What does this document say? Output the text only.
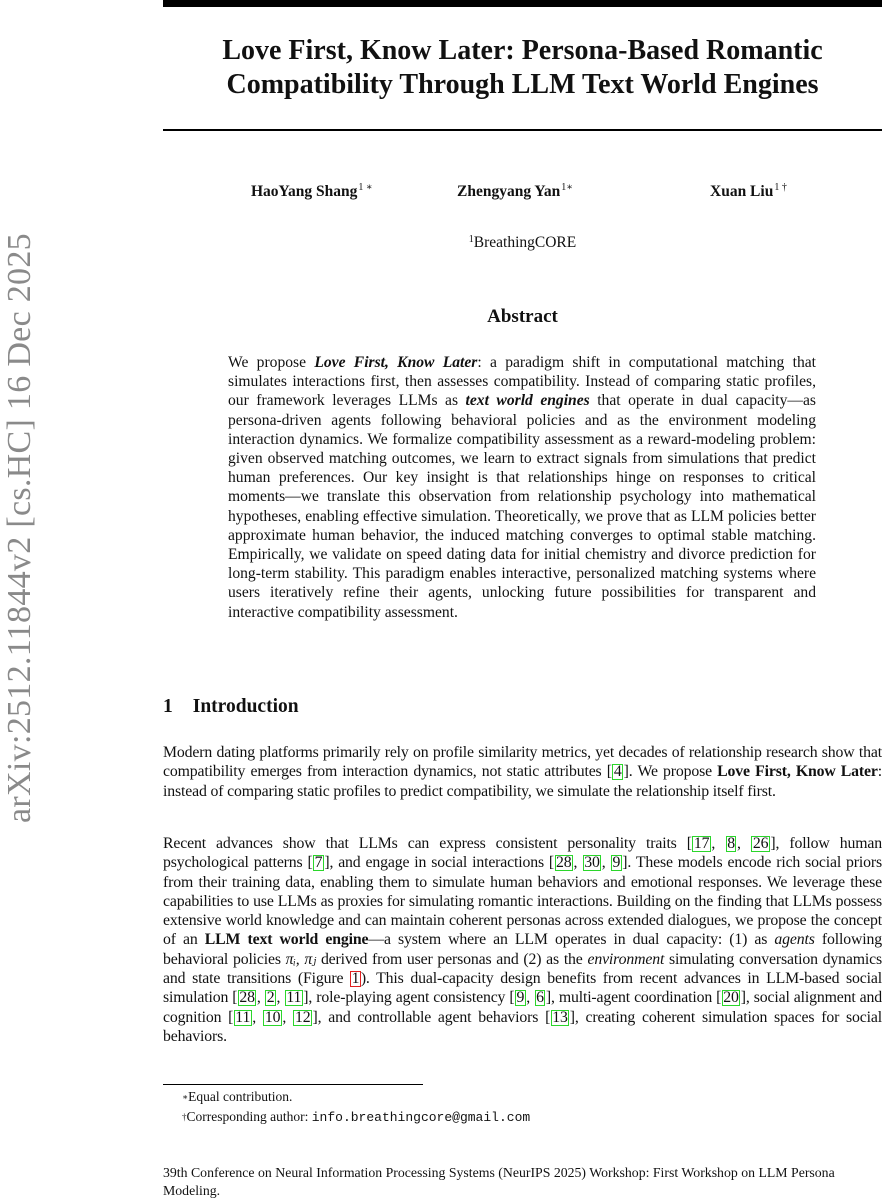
arXiv:2512.11844v2 [cs.HC] 16 Dec 2025
Love First, Know Later: Persona-Based Romantic
Compatibility Through LLM Text World Engines
HaoYang Shang$^{1 ∗}$	Zhengyang Yan$^{1∗}$	Xuan Liu$^{1 \dagger}$
$^1$BreathingCORE
Abstract
We propose Love First, Know Later: a paradigm shift in computational matching that simulates interactions first, then assesses compatibility. Instead of comparing static profiles, our framework leverages LLMs as text world engines that operate in dual capacity—as persona-driven agents following behavioral policies and as the environment modeling interaction dynamics. We formalize compatibility assessment as a reward-modeling problem: given observed matching outcomes, we learn to extract signals from simulations that predict human preferences. Our key insight is that relationships hinge on responses to critical moments—we translate this observation from relationship psychology into mathematical hypotheses, enabling effective simulation. Theoretically, we prove that as LLM policies better approximate human behavior, the induced matching converges to optimal stable matching. Empirically, we validate on speed dating data for initial chemistry and divorce prediction for long-term stability. This paradigm enables interactive, personalized matching systems where users iteratively refine their agents, unlocking future possibilities for transparent and interactive compatibility assessment.
1 Introduction
Modern dating platforms primarily rely on profile similarity metrics, yet decades of relationship research show that compatibility emerges from interaction dynamics, not static attributes [ 4 ]. We propose Love First, Know Later: instead of comparing static profiles to predict compatibility, we simulate the relationship itself first.
Recent advances show that LLMs can express consistent personality traits [ 17 , 8 , 26 ], follow human psychological patterns [ 7 ], and engage in social interactions [ 28 , 30 , 9 ]. These models encode rich social priors from their training data, enabling them to simulate human behaviors and emotional responses. We leverage these capabilities to use LLMs as proxies for simulating romantic interactions. Building on the finding that LLMs possess extensive world knowledge and can maintain coherent personas across extended dialogues, we propose the concept of an LLM text world engine—a system where an LLM operates in dual capacity: (1) as agents following behavioral policies πᵢ, πⱼ derived from user personas and (2) as the environment simulating conversation dynamics and state transitions (Figure 1). This dual-capacity design benefits from recent advances in LLM-based social simulation [ 28 , 2 , 11 ], role-playing agent consistency [ 9 , 6 ], multi-agent coordination [ 20 ], social alignment and cognition [ 11 , 10 , 12 ], and controllable agent behaviors [ 13 ], creating coherent simulation spaces for social behaviors.
∗Equal contribution.
†Corresponding author: info.breathingcore@gmail.com
39th Conference on Neural Information Processing Systems (NeurIPS 2025) Workshop: First Workshop on LLM Persona Modeling.
